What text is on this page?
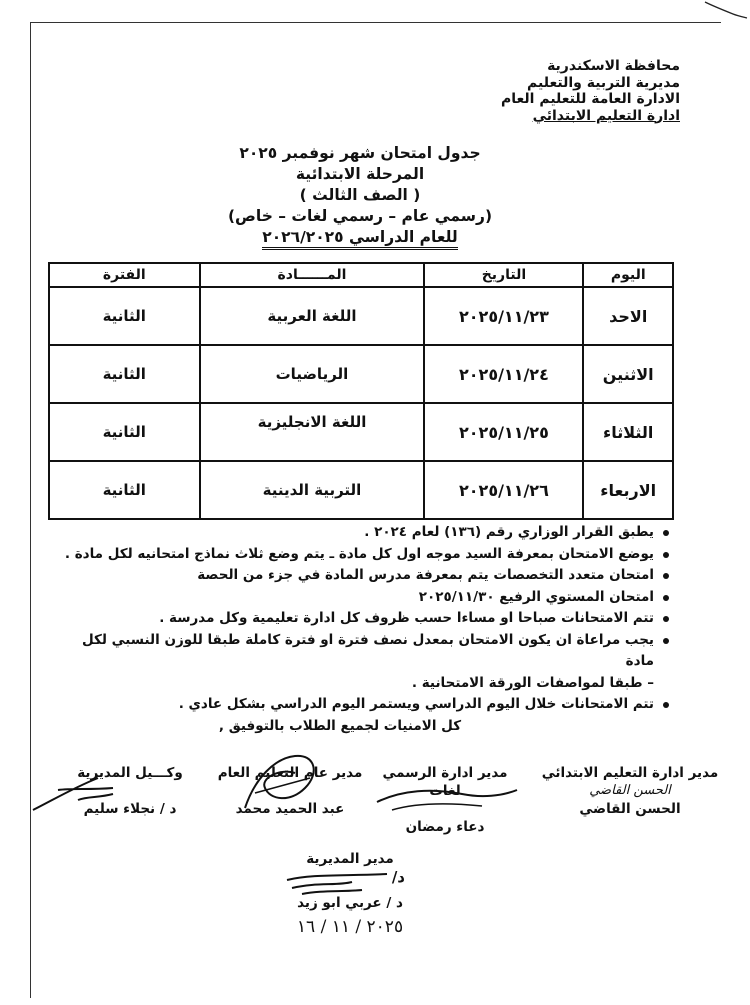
محافظة الاسكندرية
مديرية التربية والتعليم
الادارة العامة للتعليم العام
ادارة التعليم الابتدائي
جدول امتحان شهر نوفمبر ٢٠٢٥
المرحلة الابتدائية
( الصف الثالث )
(رسمي عام – رسمي لغات – خاص)
للعام الدراسي ٢٠٢٦/٢٠٢٥
اليوم	التاريخ	المــــــادة	الفترة
الاحد	٢٠٢٥/١١/٢٣	اللغة العربية	الثانية
الاثنين	٢٠٢٥/١١/٢٤	الرياضيات	الثانية
الثلاثاء	٢٠٢٥/١١/٢٥	اللغة الانجليزية	الثانية
الاربعاء	٢٠٢٥/١١/٢٦	التربية الدينية	الثانية
يطبق القرار الوزاري رقم (١٣٦) لعام ٢٠٢٤ .
يوضع الامتحان بمعرفة السيد موجه اول كل مادة ـ يتم وضع ثلاث نماذج امتحانيه لكل مادة .
امتحان متعدد التخصصات يتم بمعرفة مدرس المادة في جزء من الحصة
امتحان المستوي الرفيع ٢٠٢٥/١١/٣٠
تتم الامتحانات صباحا او مساءا حسب ظروف كل ادارة تعليمية وكل مدرسة .
يجب مراعاة ان يكون الامتحان بمعدل نصف فترة او فترة كاملة طبقا للوزن النسبي لكل مادة
– طبقا لمواصفات الورقة الامتحانية .
تتم الامتحانات خلال اليوم الدراسي ويستمر اليوم الدراسي بشكل عادي .
كل الامنيات لجميع الطلاب بالتوفيق ,
مدير ادارة التعليم الابتدائي
الحسن القاضي
الحسن القاضي
مدير ادارة الرسمي لغات
دعاء رمضان
مدير عام التعليم العام
عبد الحميد محمد
وكـــيل المديرية
د / نجلاء سليم
مدير المديرية
د/
د / عربي ابو زيد
٢٠٢٥ / ١١ / ١٦
